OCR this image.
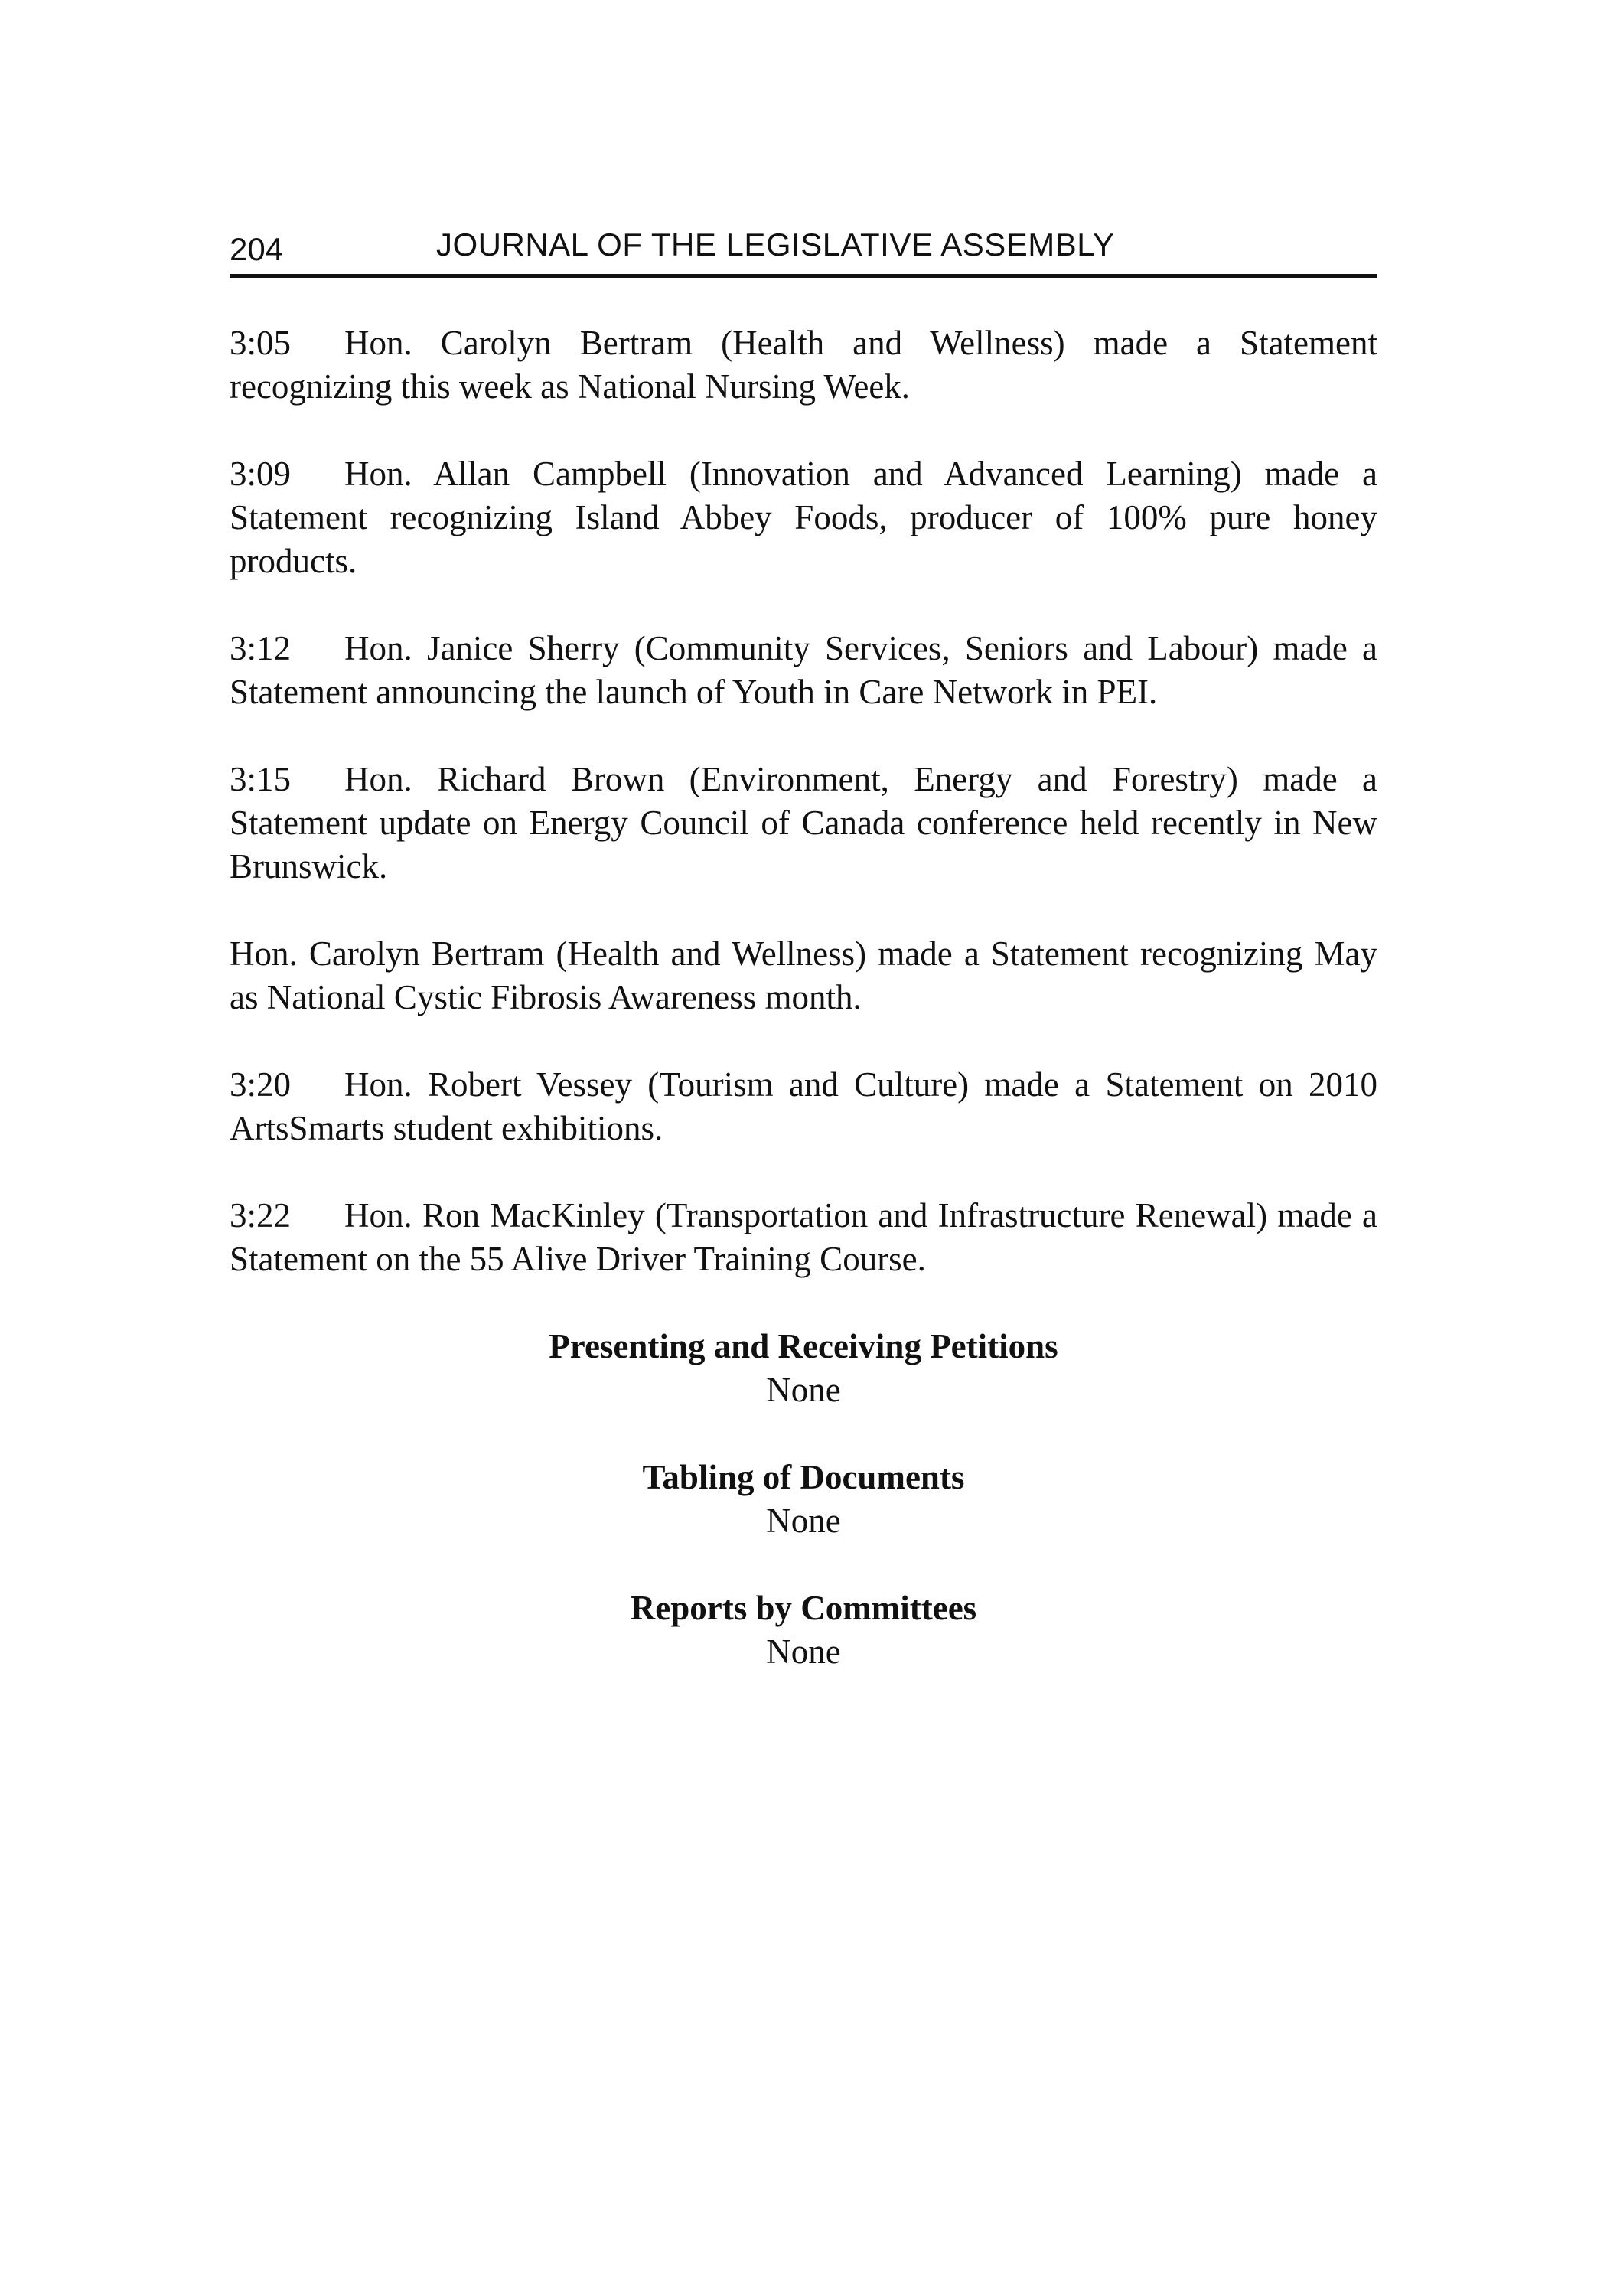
204	JOURNAL OF THE LEGISLATIVE ASSEMBLY

3:05 Hon. Carolyn Bertram (Health and Wellness) made a Statement recognizing this week as National Nursing Week.

3:09 Hon. Allan Campbell (Innovation and Advanced Learning) made a Statement recognizing Island Abbey Foods, producer of 100% pure honey products.

3:12 Hon. Janice Sherry (Community Services, Seniors and Labour) made a Statement announcing the launch of Youth in Care Network in PEI.

3:15 Hon. Richard Brown (Environment, Energy and Forestry) made a Statement update on Energy Council of Canada conference held recently in New Brunswick.

Hon. Carolyn Bertram (Health and Wellness) made a Statement recognizing May as National Cystic Fibrosis Awareness month.

3:20 Hon. Robert Vessey (Tourism and Culture) made a Statement on 2010 ArtsSmarts student exhibitions.

3:22 Hon. Ron MacKinley (Transportation and Infrastructure Renewal) made a Statement on the 55 Alive Driver Training Course.

Presenting and Receiving Petitions
None
Tabling of Documents
None
Reports by Committees
None
